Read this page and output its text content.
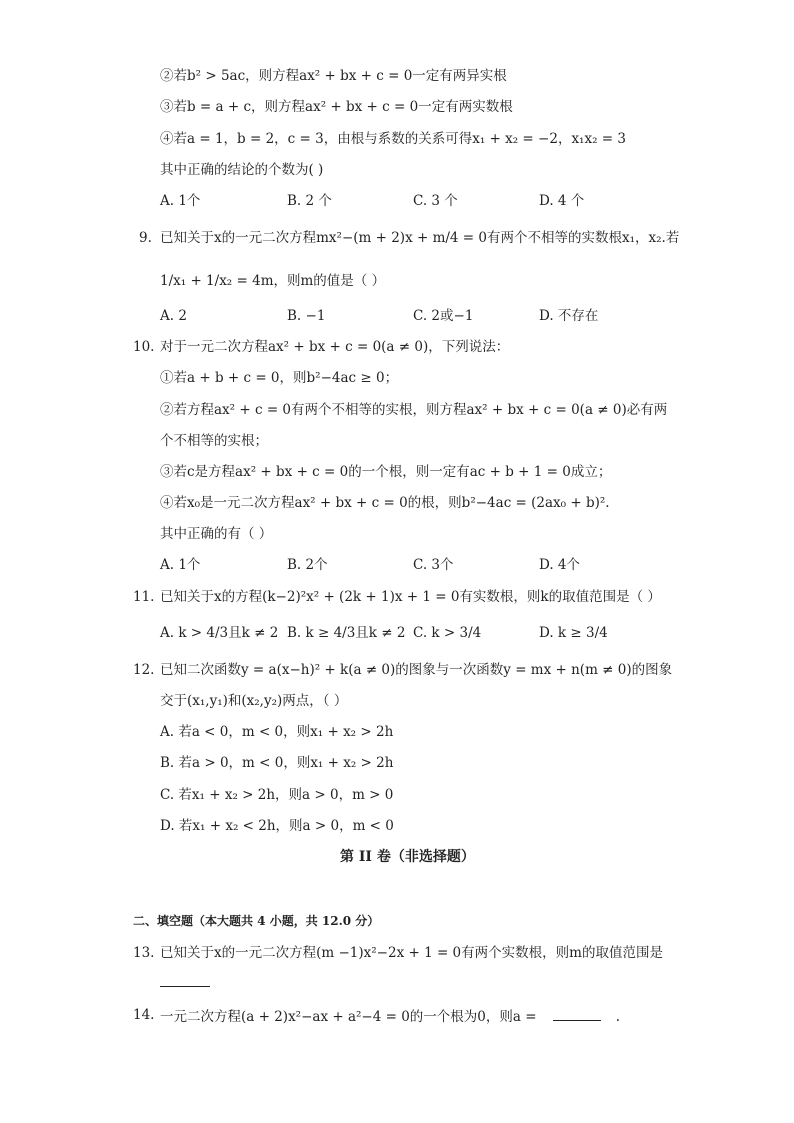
②若b² > 5ac，则方程ax² + bx + c = 0一定有两异实根
③若b = a + c，则方程ax² + bx + c = 0一定有两实数根
④若a = 1，b = 2，c = 3，由根与系数的关系可得x₁ + x₂ = −2，x₁x₂ = 3
其中正确的结论的个数为( )
A. 1个	B. 2 个	C. 3 个	D. 4 个
9. 已知关于x的一元二次方程mx²−(m + 2)x + m/4 = 0有两个不相等的实数根x₁，x₂.若
1/x₁ + 1/x₂ = 4m，则m的值是（ ）
A. 2	B. −1	C. 2或−1	D. 不存在
10. 对于一元二次方程ax² + bx + c = 0(a ≠ 0)，下列说法：
①若a + b + c = 0，则b²−4ac ≥ 0；
②若方程ax² + c = 0有两个不相等的实根，则方程ax² + bx + c = 0(a ≠ 0)必有两
个不相等的实根；
③若c是方程ax² + bx + c = 0的一个根，则一定有ac + b + 1 = 0成立；
④若x₀是一元二次方程ax² + bx + c = 0的根，则b²−4ac = (2ax₀ + b)².
其中正确的有（ ）
A. 1个	B. 2个	C. 3个	D. 4个
11. 已知关于x的方程(k−2)²x² + (2k + 1)x + 1 = 0有实数根，则k的取值范围是（ ）
A. k > 4/3且k ≠ 2 B. k ≥ 4/3且k ≠ 2 C. k > 3/4	D. k ≥ 3/4
12. 已知二次函数y = a(x−h)² + k(a ≠ 0)的图象与一次函数y = mx + n(m ≠ 0)的图象
交于(x₁,y₁)和(x₂,y₂)两点，（ ）
A. 若a < 0，m < 0，则x₁ + x₂ > 2h
B. 若a > 0，m < 0，则x₁ + x₂ > 2h
C. 若x₁ + x₂ > 2h，则a > 0，m > 0
D. 若x₁ + x₂ < 2h，则a > 0，m < 0
第 II 卷（非选择题）
二、填空题（本大题共 4 小题，共 12.0 分）
13. 已知关于x的一元二次方程(m −1)x²−2x + 1 = 0有两个实数根，则m的取值范围是
14. 一元二次方程(a + 2)x²−ax + a²−4 = 0的一个根为0，则a =	.
